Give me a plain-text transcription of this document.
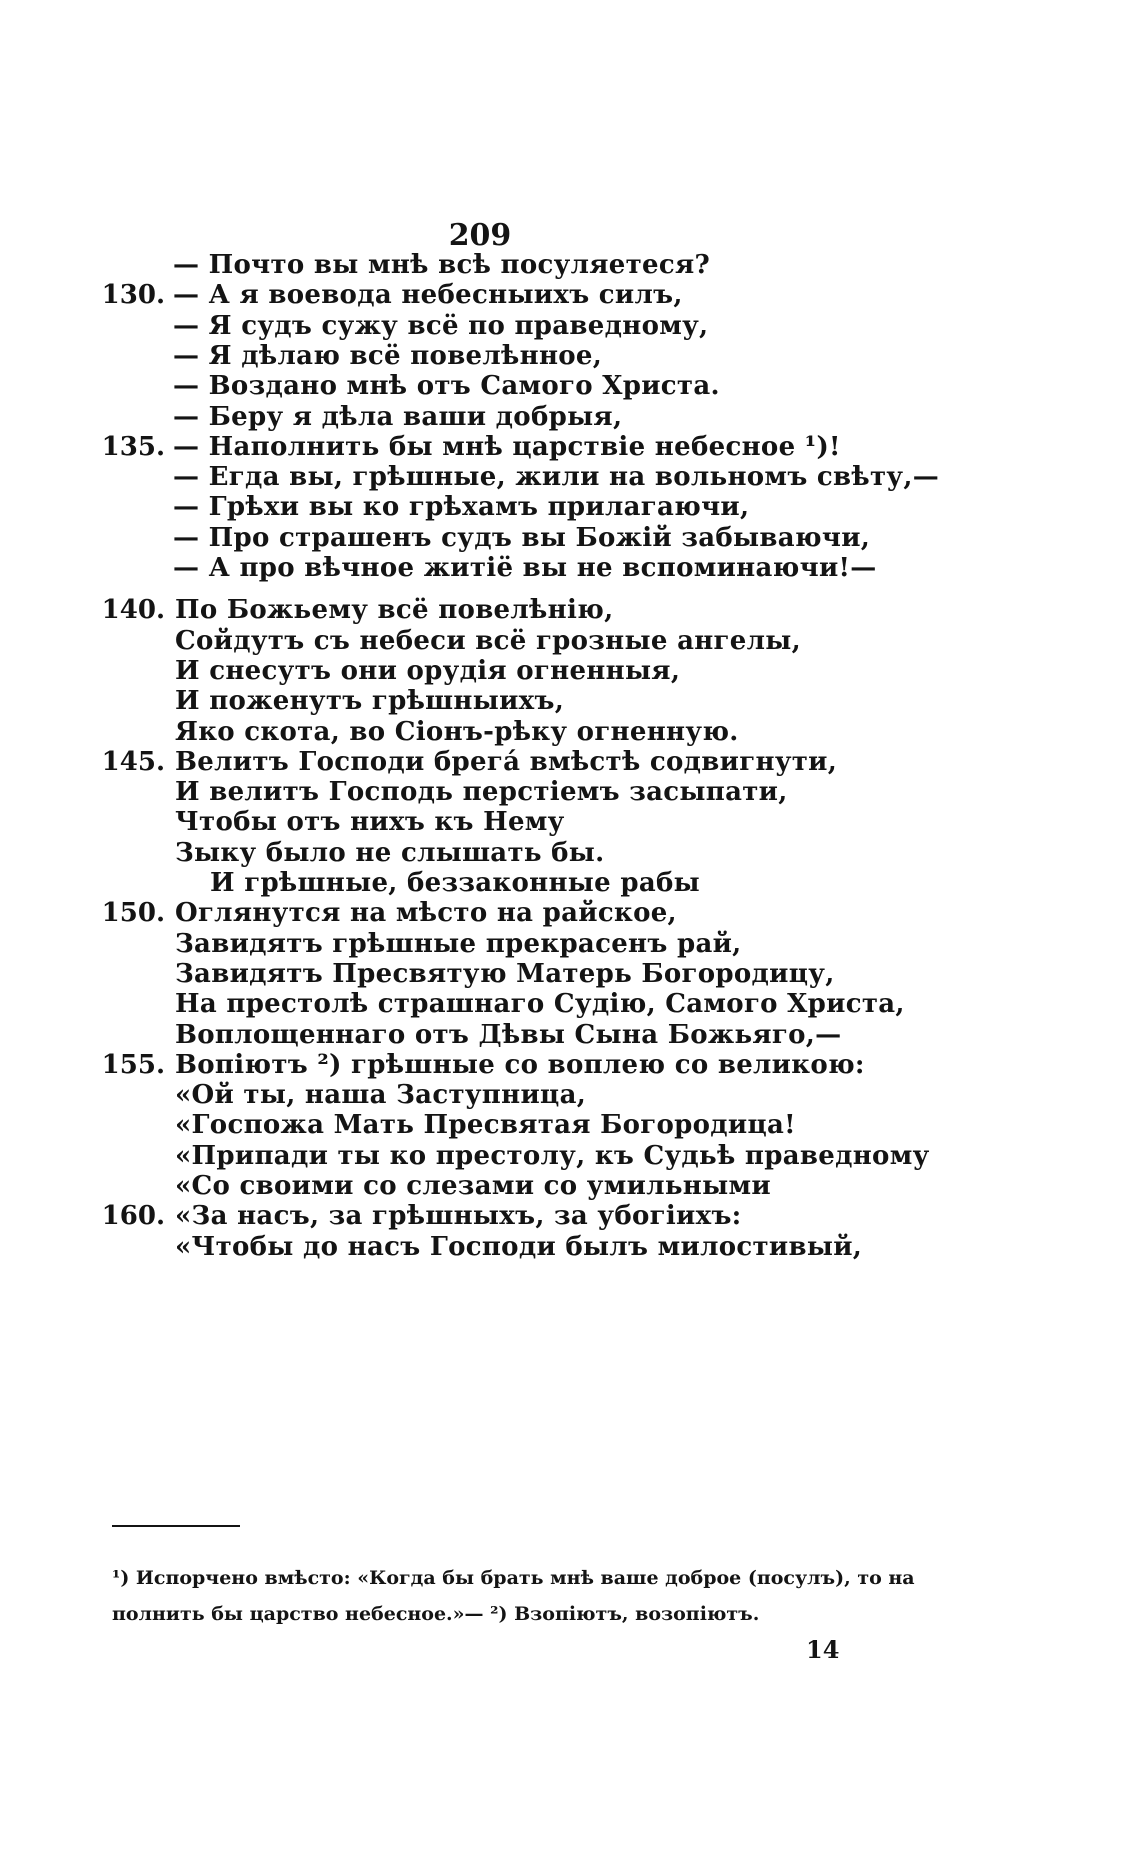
209
— Почто вы мнѣ всѣ посуляетеся?
130. — А я воевода небесныихъ силъ,
— Я судъ сужу всё по праведному,
— Я дѣлаю всё повелѣнное,
— Воздано мнѣ отъ Самого Христа.
— Беру я дѣла ваши добрыя,
135. — Наполнить бы мнѣ царствiе небесное ¹)!
— Егда вы, грѣшные, жили на вольномъ свѣту,—
— Грѣхи вы ко грѣхамъ прилагаючи,
— Про страшенъ судъ вы Божiй забываючи,
— А про вѣчное житiё вы не вспоминаючи!—
140. По Божьему всё повелѣнiю,
Сойдутъ съ небеси всё грозные ангелы,
И снесутъ они орудiя огненныя,
И поженутъ грѣшныихъ,
Яко скота, во Сiонъ-рѣку огненную.
145. Велитъ Господи брегá вмѣстѣ содвигнути,
И велитъ Господь перстiемъ засыпати,
Чтобы отъ нихъ къ Нему
Зыку было не слышать бы.
И грѣшные, беззаконные рабы
150. Оглянутся на мѣсто на райское,
Завидятъ грѣшные прекрасенъ рай,
Завидятъ Пресвятую Матерь Богородицу,
На престолѣ страшнаго Судiю, Самого Христа,
Воплощеннаго отъ Дѣвы Сына Божьяго,—
155. Вопiютъ ²) грѣшные со воплею со великою:
«Ой ты, наша Заступница,
«Госпожа Мать Пресвятая Богородица!
«Припади ты ко престолу, къ Судьѣ праведному
«Со своими со слезами со умильными
160. «За насъ, за грѣшныхъ, за убогiихъ:
«Чтобы до насъ Господи былъ милостивый,

¹) Испорчено вмѣсто: «Когда бы брать мнѣ ваше доброе (посулъ), то на

полнить бы царство небесное.»— ²) Взопiютъ, возопiютъ.

14
